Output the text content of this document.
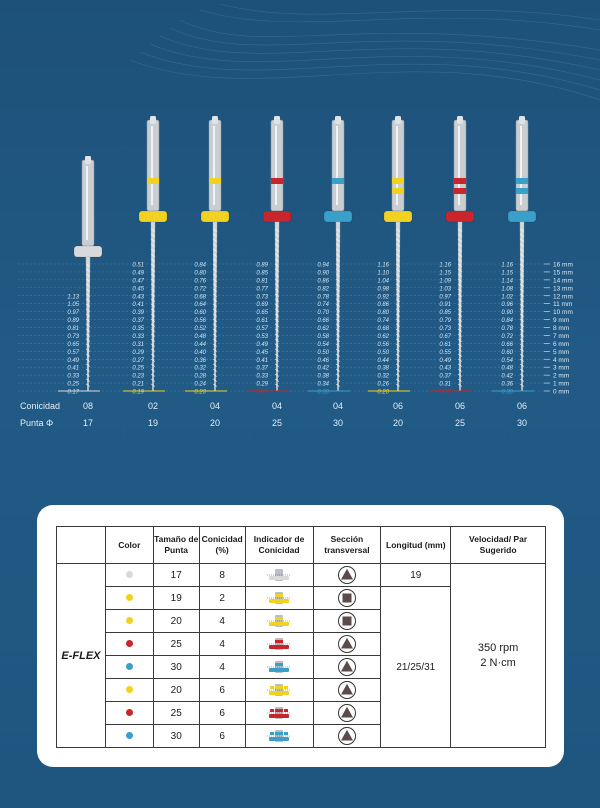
16 mm
15 mm
14 mm
13 mm
12 mm
11 mm
10 mm
9 mm
8 mm
7 mm
6 mm
5 mm
4 mm
3 mm
2 mm
1 mm
0 mm
1.13
1.05
0.97
0.89
0.81
0.73
0.65
0.57
0.49
0.41
0.33
0.25
0.17
0.51
0.49
0.47
0.45
0.43
0.41
0.39
0.37
0.35
0.33
0.31
0.29
0.27
0.25
0.23
0.21
0.19
0.84
0.80
0.76
0.72
0.68
0.64
0.60
0.56
0.52
0.48
0.44
0.40
0.36
0.32
0.28
0.24
0.20
0.89
0.85
0.81
0.77
0.73
0.69
0.65
0.61
0.57
0.53
0.49
0.45
0.41
0.37
0.33
0.29
0.25
0.94
0.90
0.86
0.82
0.78
0.74
0.70
0.66
0.62
0.58
0.54
0.50
0.46
0.42
0.38
0.34
0.30
1.16
1.10
1.04
0.98
0.92
0.86
0.80
0.74
0.68
0.62
0.56
0.50
0.44
0.38
0.32
0.26
0.20
1.16
1.15
1.09
1.03
0.97
0.91
0.85
0.79
0.73
0.67
0.61
0.55
0.49
0.43
0.37
0.31
0.25
1.16
1.15
1.14
1.08
1.02
0.96
0.90
0.84
0.78
0.72
0.66
0.60
0.54
0.48
0.42
0.36
0.30
Conicidad
Punta Φ
08	02	04	04	04	06	06	06
17	19	20	25	30	20	25	30
	Color	Tamaño de Punta	Conicidad (%)	Indicador de Conicidad	Sección transversal	Longitud (mm)	Velocidad/ Par Sugerido
E-FLEX		17	8			19	350 rpm
2 N·cm

		19	2			21/25/31	
		20	4	

		25	4	

		30	4	

		20	6	

		25	6	

		30	6	
